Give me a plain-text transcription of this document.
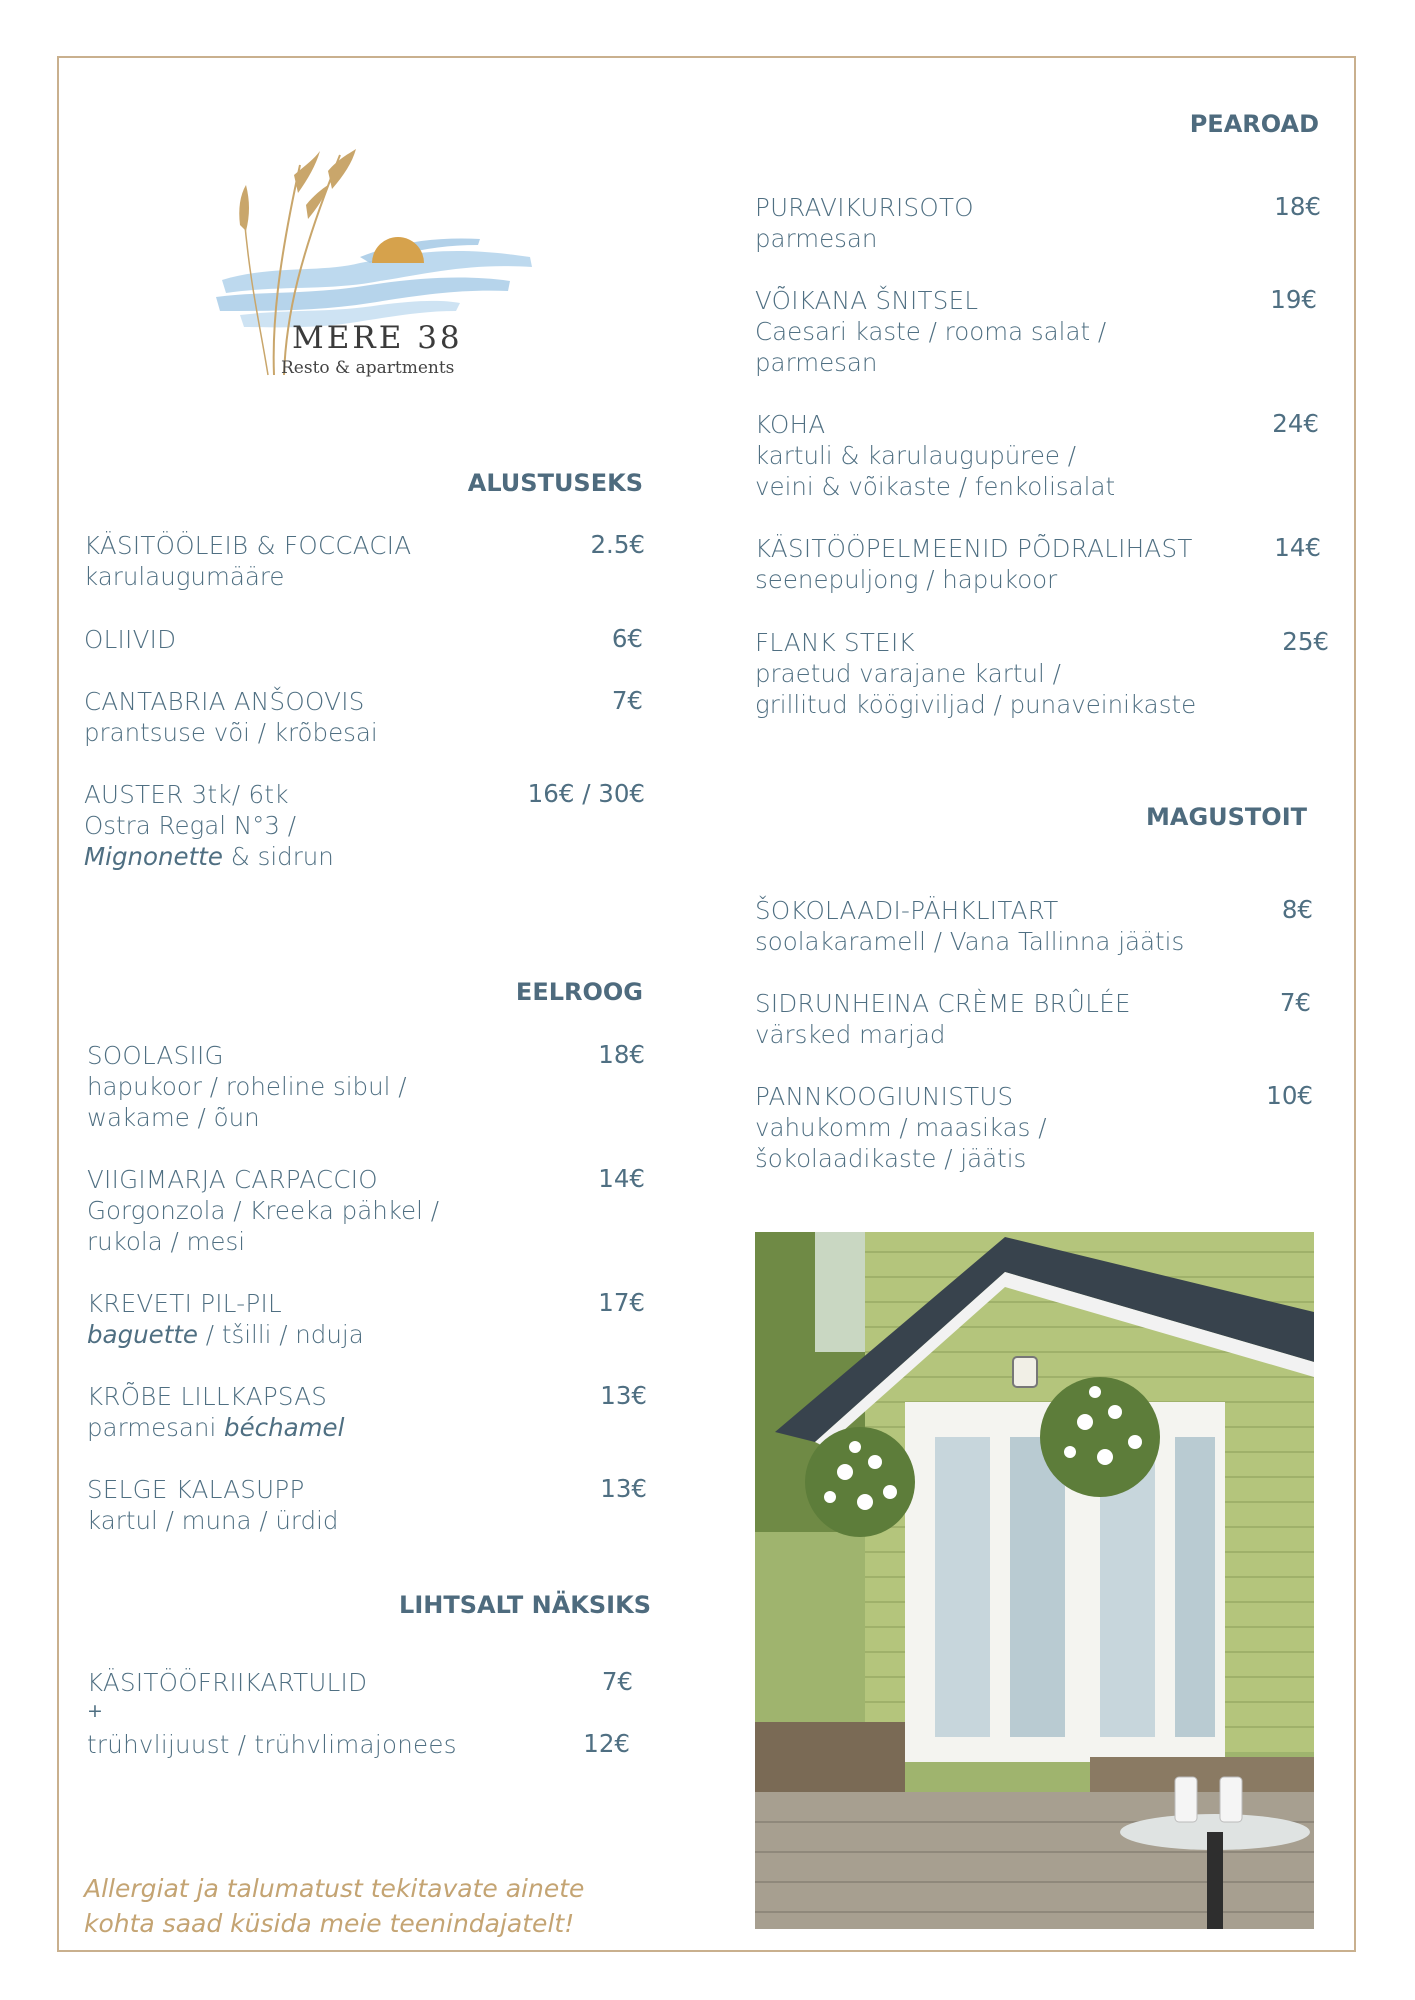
MERE 38
Resto & apartments
ALUSTUSEKS
KÄSITÖÖLEIB & FOCCACIA
karulaugumääre
2.5€
OLIIVID	6€
CANTABRIA ANŠOOVIS
prantsuse või / krõbesai
7€
AUSTER 3tk/ 6tk
Ostra Regal N°3 /
Mignonette & sidrun
16€ / 30€
EELROOG
SOOLASIIG
hapukoor / roheline sibul /
wakame / õun
18€
VIIGIMARJA CARPACCIO
Gorgonzola / Kreeka pähkel /
rukola / mesi
14€
KREVETI PIL-PIL
baguette / tšilli / nduja
17€
KRÕBE LILLKAPSAS
parmesani béchamel
13€
SELGE KALASUPP
kartul / muna / ürdid
13€
LIHTSALT NÄKSIKS
KÄSITÖÖFRIIKARTULID	7€
+
trühvlijuust / trühvlimajonees	12€
PEAROAD
PURAVIKURISOTO
parmesan
18€
VÕIKANA ŠNITSEL
Caesari kaste / rooma salat /
parmesan
19€
KOHA
kartuli & karulaugupüree /
veini & võikaste / fenkolisalat
24€
KÄSITÖÖPELMEENID PÕDRALIHAST
seenepuljong / hapukoor
14€
FLANK STEIK
praetud varajane kartul /
grillitud köögiviljad / punaveinikaste
25€
MAGUSTOIT
ŠOKOLAADI-PÄHKLITART
soolakaramell / Vana Tallinna jäätis
8€
SIDRUNHEINA CRÈME BRÛLÉE
värsked marjad
7€
PANNKOOGIUNISTUS
vahukomm / maasikas /
šokolaadikaste / jäätis
10€
Allergiat ja talumatust tekitavate ainete
kohta saad küsida meie teenindajatelt!
